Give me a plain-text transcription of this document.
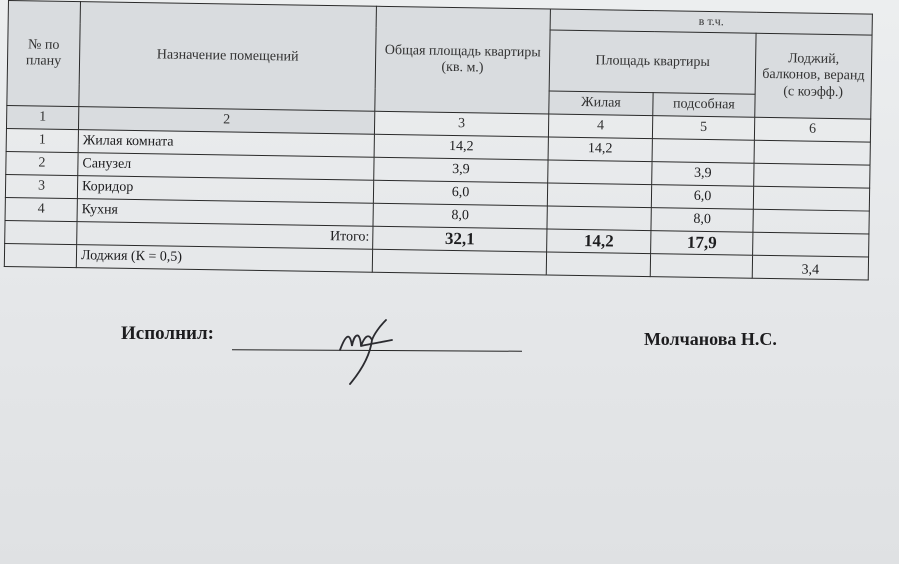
№ по плану	Назначение помещений	Общая площадь квартиры (кв. м.)	в т.ч.		
			Площадь квартиры		Лоджий, балконов, веранд (с коэфф.)
			Жилая	подсобная	
1	2	3	4	5	6
1	Жилая комната	14,2	14,2		
2	Санузел	3,9		3,9	
3	Коридор	6,0		6,0	
4	Кухня	8,0		8,0	
	Итого:	32,1	14,2	17,9	
	Лоджия (К = 0,5)				3,4
Исполнил:	Молчанова Н.С.
